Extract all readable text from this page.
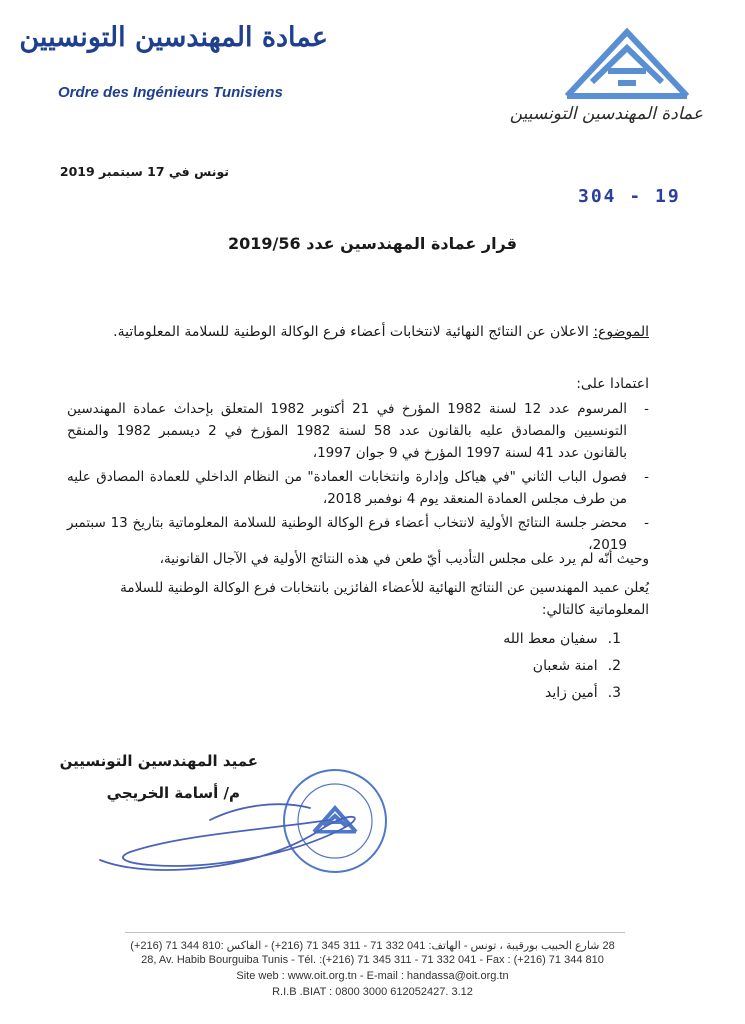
عمادة المهندسين التونسيين
Ordre des Ingénieurs Tunisiens
عمادة المهندسين التونسيين
تونس في 17 سبتمبر 2019
304 - 19
قرار عمادة المهندسين عدد 2019/56
الموضوع: الاعلان عن النتائج النهائية لانتخابات أعضاء فرع الوكالة الوطنية للسلامة المعلوماتية.
اعتمادا على:
-
المرسوم عدد 12 لسنة 1982 المؤرخ في 21 أكتوبر 1982 المتعلق بإحداث عمادة المهندسين التونسيين والمصادق عليه بالقانون عدد 58 لسنة 1982 المؤرخ في 2 ديسمبر 1982 والمنقح بالقانون عدد 41 لسنة 1997 المؤرخ في 9 جوان 1997،
-
فصول الباب الثاني "في هياكل وإدارة وانتخابات العمادة" من النظام الداخلي للعمادة المصادق عليه من طرف مجلس العمادة المنعقد يوم 4 نوفمبر 2018،
-
محضر جلسة النتائج الأولية لانتخاب أعضاء فرع الوكالة الوطنية للسلامة المعلوماتية بتاريخ 13 سبتمبر 2019،
وحيث أنّه لم يرد على مجلس التأديب أيّ طعن في هذه النتائج الأولية في الآجال القانونية،
يُعلن عميد المهندسين عن النتائج النهائية للأعضاء الفائزين بانتخابات فرع الوكالة الوطنية للسلامة المعلوماتية كالتالي:
1.سفيان معط الله
2.امنة شعبان
3.أمين زايد
عميد المهندسين التونسيين
م/ أسامة الخريجي
28 شارع الحبيب بورقيبة ، تونس - الهاتف: 041 332 71 - 311 345 71 (216+) - الفاكس :810 344 71 (216+)
28, Av. Habib Bourguiba Tunis - Tél. :(+216) 71 345 311 - 71 332 041 - Fax : (+216) 71 344 810
Site web : www.oit.org.tn - E-mail : handassa@oit.org.tn
R.I.B .BIAT : 0800 3000 612052427. 3.12
